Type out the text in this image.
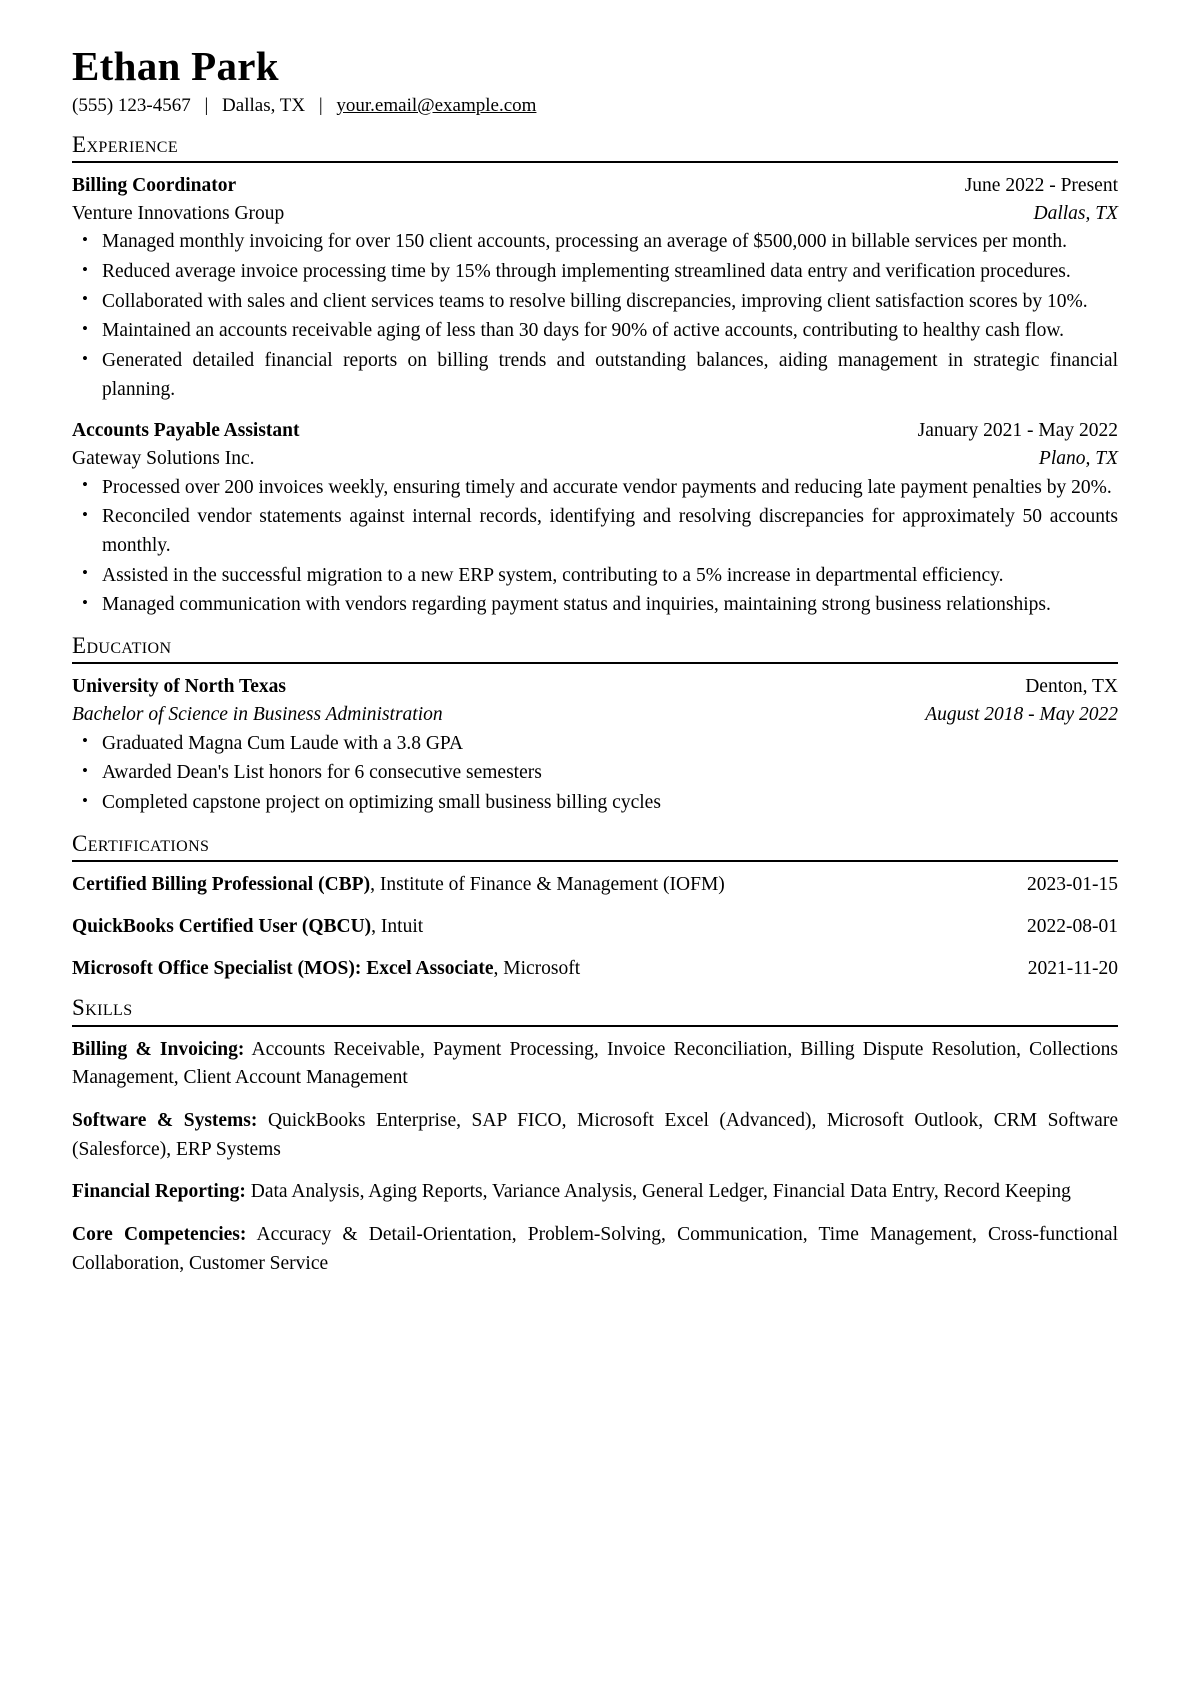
Ethan Park
(555) 123-4567 | Dallas, TX | your.email@example.com
Experience
Billing Coordinator	June 2022 - Present
Venture Innovations Group	Dallas, TX
• Managed monthly invoicing for over 150 client accounts, processing an average of $500,000 in billable services per month.
• Reduced average invoice processing time by 15% through implementing streamlined data entry and verification procedures.
• Collaborated with sales and client services teams to resolve billing discrepancies, improving client satisfaction scores by 10%.
• Maintained an accounts receivable aging of less than 30 days for 90% of active accounts, contributing to healthy cash flow.
• Generated detailed financial reports on billing trends and outstanding balances, aiding management in strategic financial planning.
Accounts Payable Assistant	January 2021 - May 2022
Gateway Solutions Inc.	Plano, TX
• Processed over 200 invoices weekly, ensuring timely and accurate vendor payments and reducing late payment penalties by 20%.
• Reconciled vendor statements against internal records, identifying and resolving discrepancies for approximately 50 accounts monthly.
• Assisted in the successful migration to a new ERP system, contributing to a 5% increase in departmental efficiency.
• Managed communication with vendors regarding payment status and inquiries, maintaining strong business relationships.
Education
University of North Texas	Denton, TX
Bachelor of Science in Business Administration	August 2018 - May 2022
• Graduated Magna Cum Laude with a 3.8 GPA
• Awarded Dean's List honors for 6 consecutive semesters
• Completed capstone project on optimizing small business billing cycles
Certifications
Certified Billing Professional (CBP), Institute of Finance & Management (IOFM)	2023-01-15
QuickBooks Certified User (QBCU), Intuit	2022-08-01
Microsoft Office Specialist (MOS): Excel Associate, Microsoft	2021-11-20
Skills
Billing & Invoicing: Accounts Receivable, Payment Processing, Invoice Reconciliation, Billing Dispute Resolution, Collections Management, Client Account Management
Software & Systems: QuickBooks Enterprise, SAP FICO, Microsoft Excel (Advanced), Microsoft Outlook, CRM Software (Salesforce), ERP Systems
Financial Reporting: Data Analysis, Aging Reports, Variance Analysis, General Ledger, Financial Data Entry, Record Keeping
Core Competencies: Accuracy & Detail-Orientation, Problem-Solving, Communication, Time Management, Cross-functional Collaboration, Customer Service
